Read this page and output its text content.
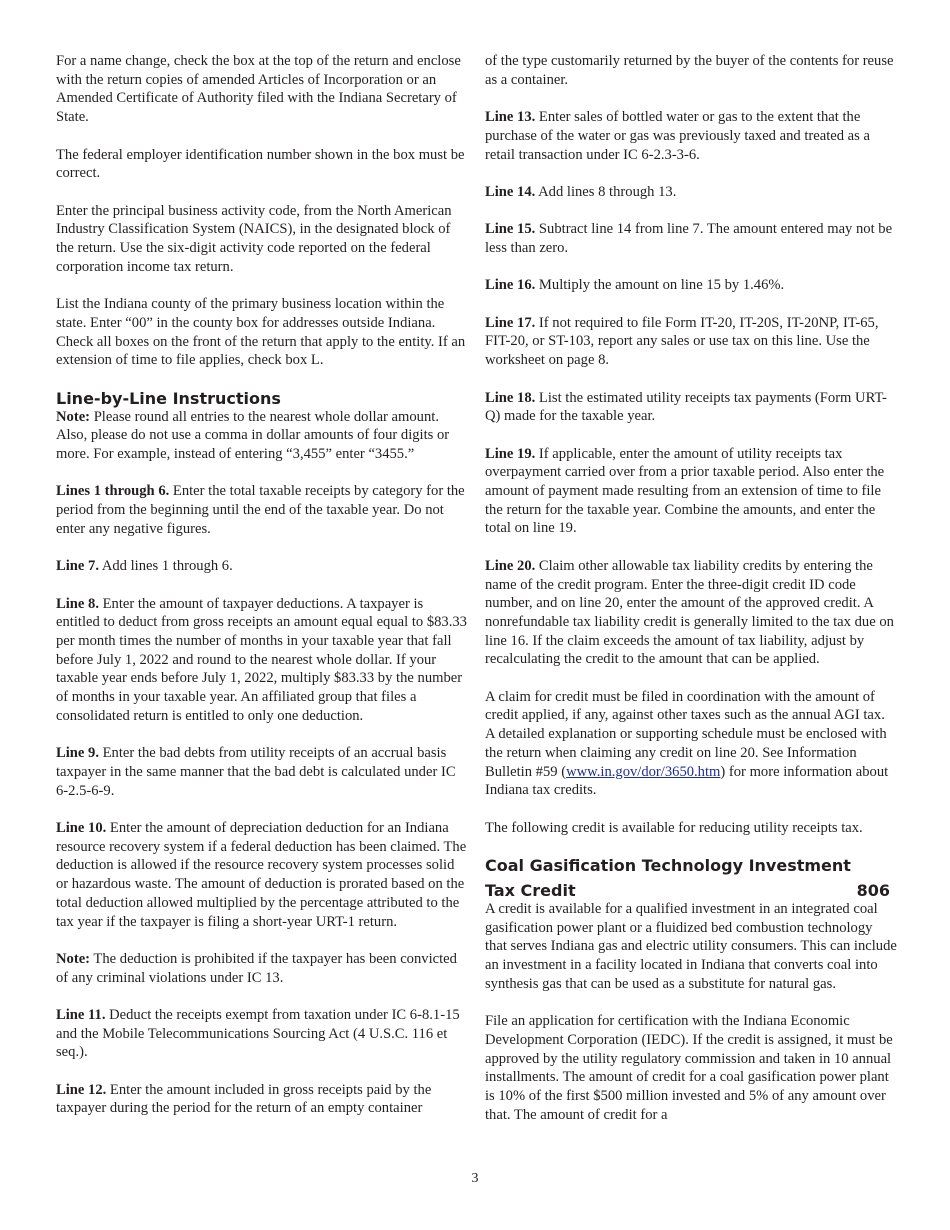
For a name change, check the box at the top of the return and enclose with the return copies of amended Articles of Incorporation or an Amended Certificate of Authority filed with the Indiana Secretary of State.

The federal employer identification number shown in the box must be correct.

Enter the principal business activity code, from the North American Industry Classification System (NAICS), in the designated block of the return. Use the six-digit activity code reported on the federal corporation income tax return.

List the Indiana county of the primary business location within the state. Enter “00” in the county box for addresses outside Indiana. Check all boxes on the front of the return that apply to the entity. If an extension of time to file applies, check box L.

Line-by-Line Instructions

Note: Please round all entries to the nearest whole dollar amount. Also, please do not use a comma in dollar amounts of four digits or more. For example, instead of entering “3,455” enter “3455.”

Lines 1 through 6. Enter the total taxable receipts by category for the period from the beginning until the end of the taxable year. Do not enter any negative figures.

Line 7. Add lines 1 through 6.

Line 8. Enter the amount of taxpayer deductions. A taxpayer is entitled to deduct from gross receipts an amount equal equal to $83.33 per month times the number of months in your taxable year that fall before July 1, 2022 and round to the nearest whole dollar. If your taxable year ends before July 1, 2022, multiply $83.33 by the number of months in your taxable year. An affiliated group that files a consolidated return is entitled to only one deduction.

Line 9. Enter the bad debts from utility receipts of an accrual basis taxpayer in the same manner that the bad debt is calculated under IC 6-2.5-6-9.

Line 10. Enter the amount of depreciation deduction for an Indiana resource recovery system if a federal deduction has been claimed. The deduction is allowed if the resource recovery system processes solid or hazardous waste. The amount of deduction is prorated based on the total deduction allowed multiplied by the percentage attributed to the tax year if the taxpayer is filing a short-year URT-1 return.

Note: The deduction is prohibited if the taxpayer has been convicted of any criminal violations under IC 13.

Line 11. Deduct the receipts exempt from taxation under IC 6-8.1-15 and the Mobile Telecommunications Sourcing Act (4 U.S.C. 116 et seq.).

Line 12. Enter the amount included in gross receipts paid by the taxpayer during the period for the return of an empty container

of the type customarily returned by the buyer of the contents for reuse as a container.

Line 13. Enter sales of bottled water or gas to the extent that the purchase of the water or gas was previously taxed and treated as a retail transaction under IC 6-2.3-3-6.

Line 14. Add lines 8 through 13.

Line 15. Subtract line 14 from line 7. The amount entered may not be less than zero.

Line 16. Multiply the amount on line 15 by 1.46%.

Line 17. If not required to file Form IT-20, IT-20S, IT-20NP, IT-65, FIT-20, or ST-103, report any sales or use tax on this line. Use the worksheet on page 8.

Line 18. List the estimated utility receipts tax payments (Form URT-Q) made for the taxable year.

Line 19. If applicable, enter the amount of utility receipts tax overpayment carried over from a prior taxable period. Also enter the amount of payment made resulting from an extension of time to file the return for the taxable year. Combine the amounts, and enter the total on line 19.

Line 20. Claim other allowable tax liability credits by entering the name of the credit program. Enter the three-digit credit ID code number, and on line 20, enter the amount of the approved credit. A nonrefundable tax liability credit is generally limited to the tax due on line 16. If the claim exceeds the amount of tax liability, adjust by recalculating the credit to the amount that can be applied.

A claim for credit must be filed in coordination with the amount of credit applied, if any, against other taxes such as the annual AGI tax. A detailed explanation or supporting schedule must be enclosed with the return when claiming any credit on line 20. See Information Bulletin #59 (www.in.gov/dor/3650.htm) for more information about Indiana tax credits.

The following credit is available for reducing utility receipts tax.

Coal Gasification Technology Investment
Tax Credit	806

A credit is available for a qualified investment in an integrated coal gasification power plant or a fluidized bed combustion technology that serves Indiana gas and electric utility consumers. This can include an investment in a facility located in Indiana that converts coal into synthesis gas that can be used as a substitute for natural gas.

File an application for certification with the Indiana Economic Development Corporation (IEDC). If the credit is assigned, it must be approved by the utility regulatory commission and taken in 10 annual installments. The amount of credit for a coal gasification power plant is 10% of the first $500 million invested and 5% of any amount over that. The amount of credit for a

3
